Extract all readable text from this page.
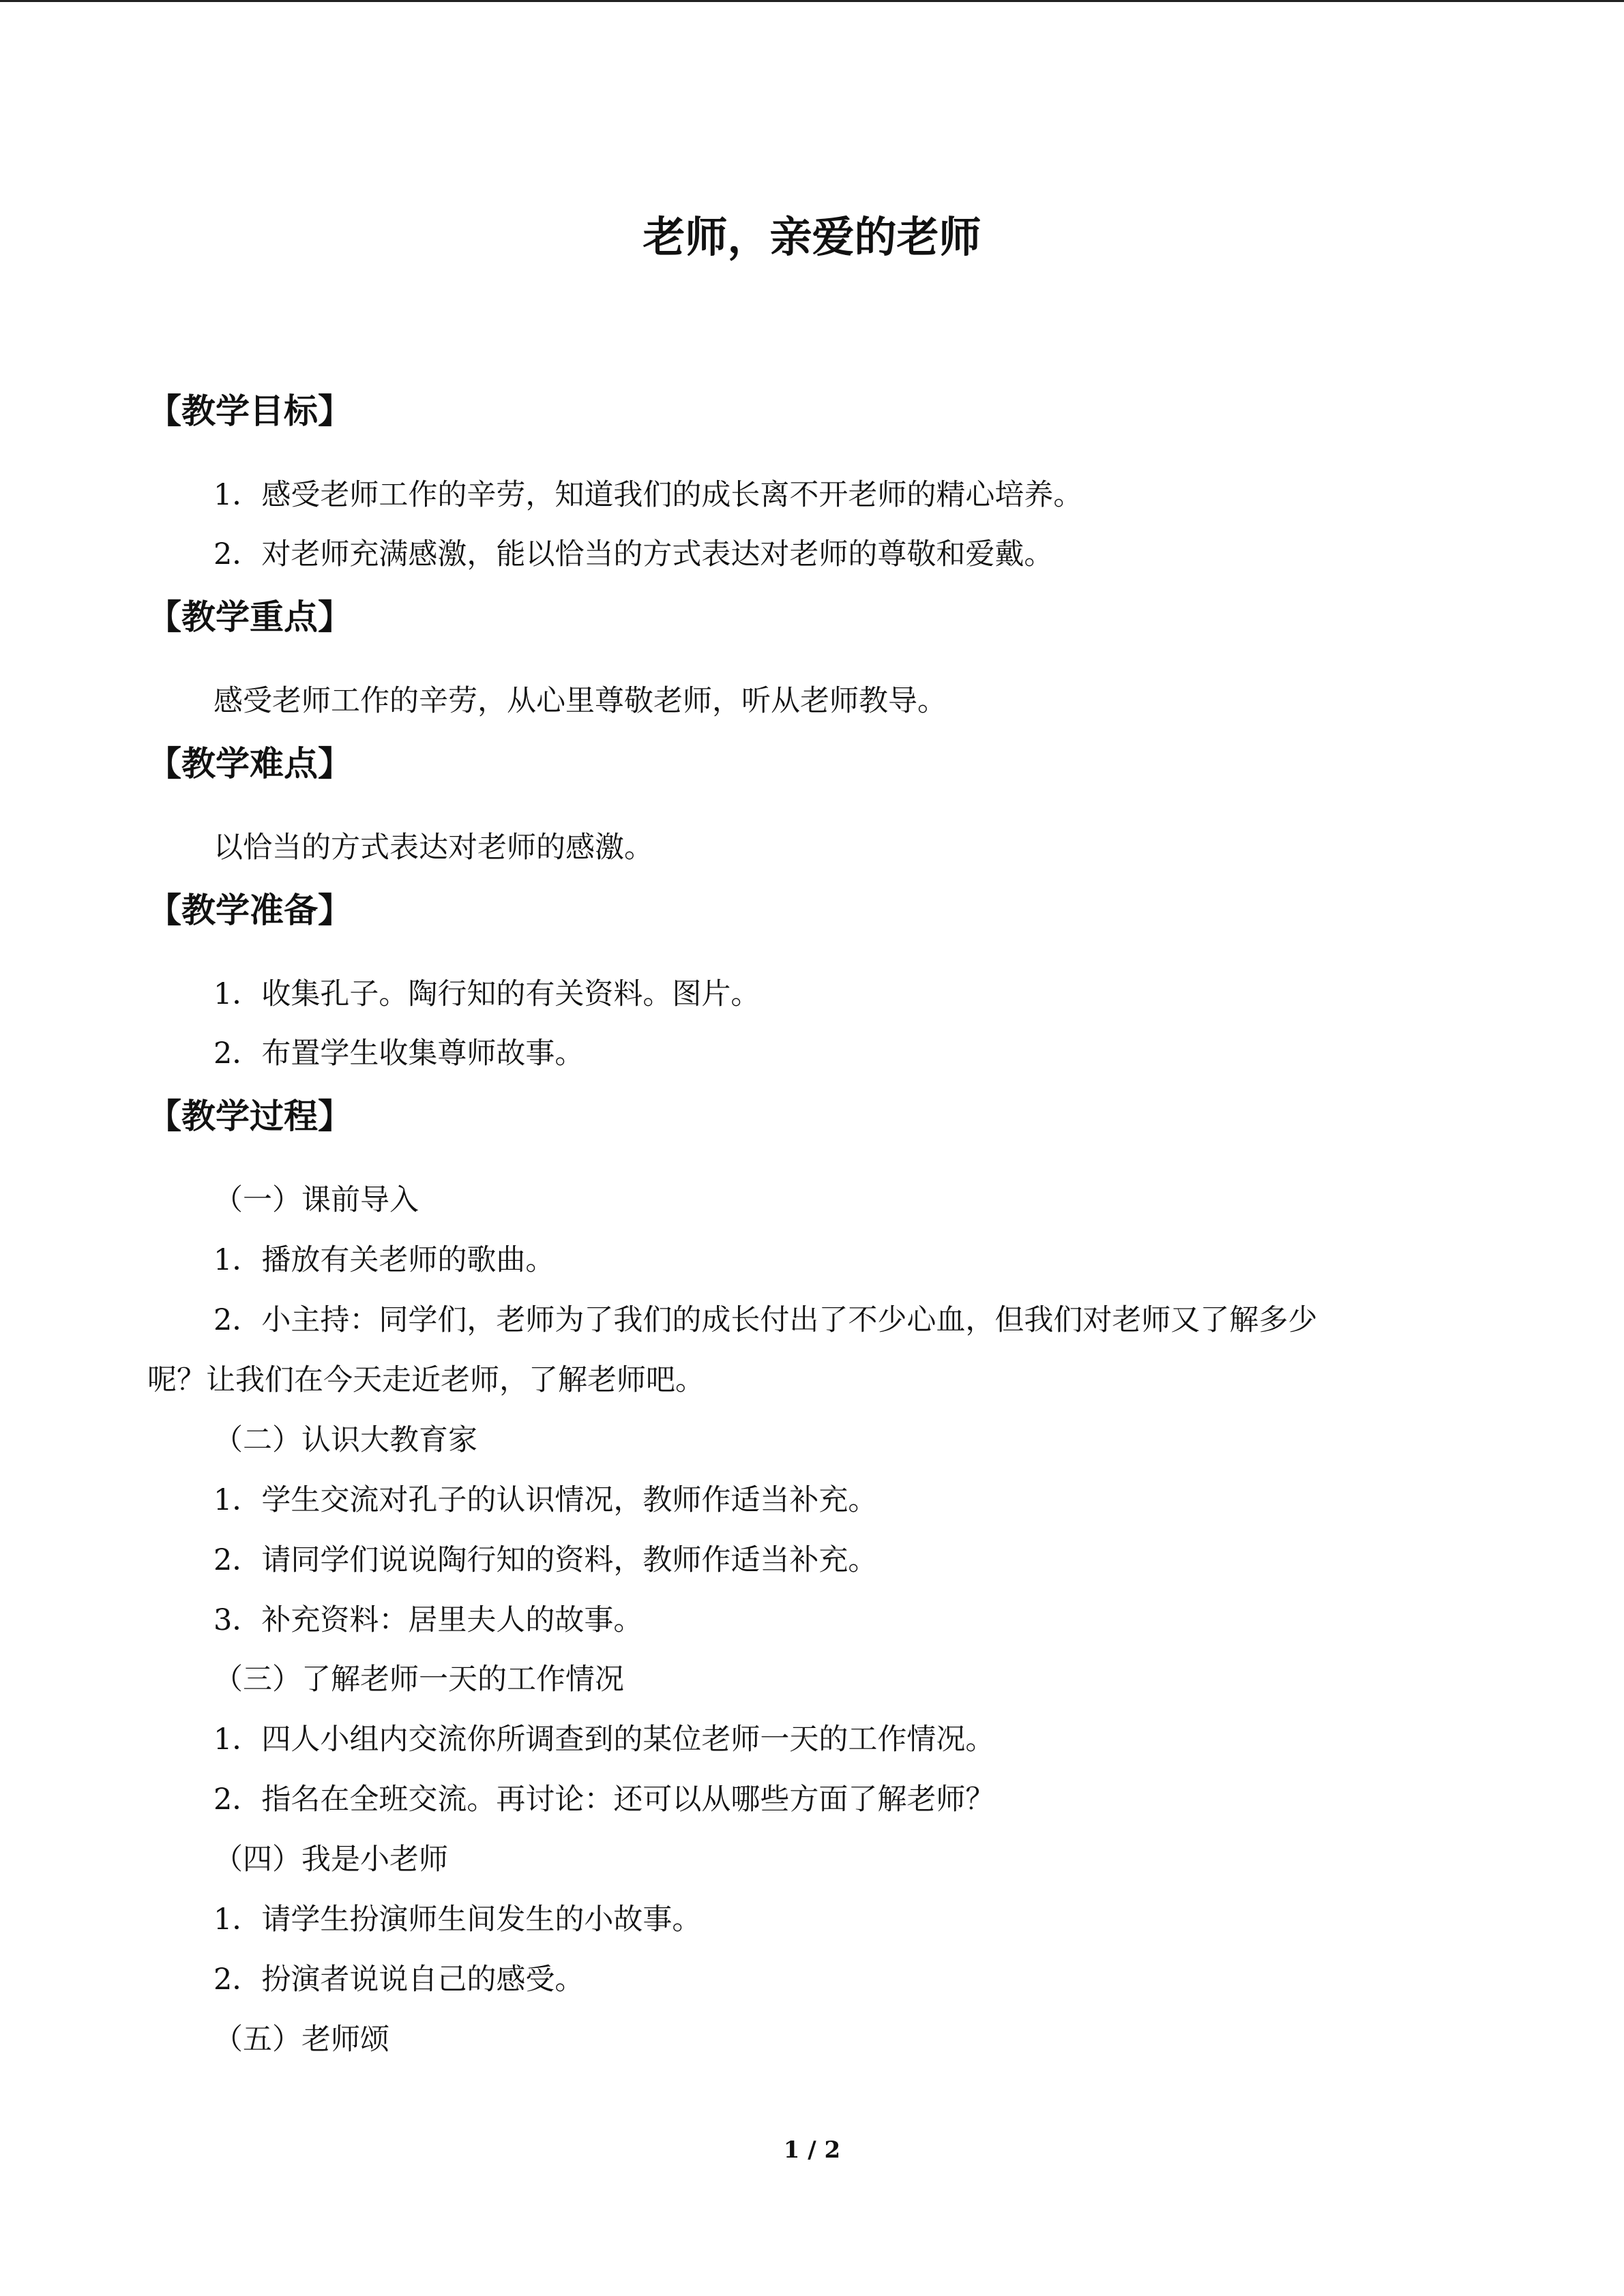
老师，亲爱的老师
【教学目标】
1．感受老师工作的辛劳，知道我们的成长离不开老师的精心培养。
2．对老师充满感激，能以恰当的方式表达对老师的尊敬和爱戴。
【教学重点】
感受老师工作的辛劳，从心里尊敬老师，听从老师教导。
【教学难点】
以恰当的方式表达对老师的感激。
【教学准备】
1．收集孔子。陶行知的有关资料。图片。
2．布置学生收集尊师故事。
【教学过程】
（一）课前导入
1．播放有关老师的歌曲。
2．小主持：同学们，老师为了我们的成长付出了不少心血，但我们对老师又了解多少
呢？让我们在今天走近老师，了解老师吧。
（二）认识大教育家
1．学生交流对孔子的认识情况，教师作适当补充。
2．请同学们说说陶行知的资料，教师作适当补充。
3．补充资料：居里夫人的故事。
（三）了解老师一天的工作情况
1．四人小组内交流你所调查到的某位老师一天的工作情况。
2．指名在全班交流。再讨论：还可以从哪些方面了解老师？
（四）我是小老师
1．请学生扮演师生间发生的小故事。
2．扮演者说说自己的感受。
（五）老师颂
1 / 2
